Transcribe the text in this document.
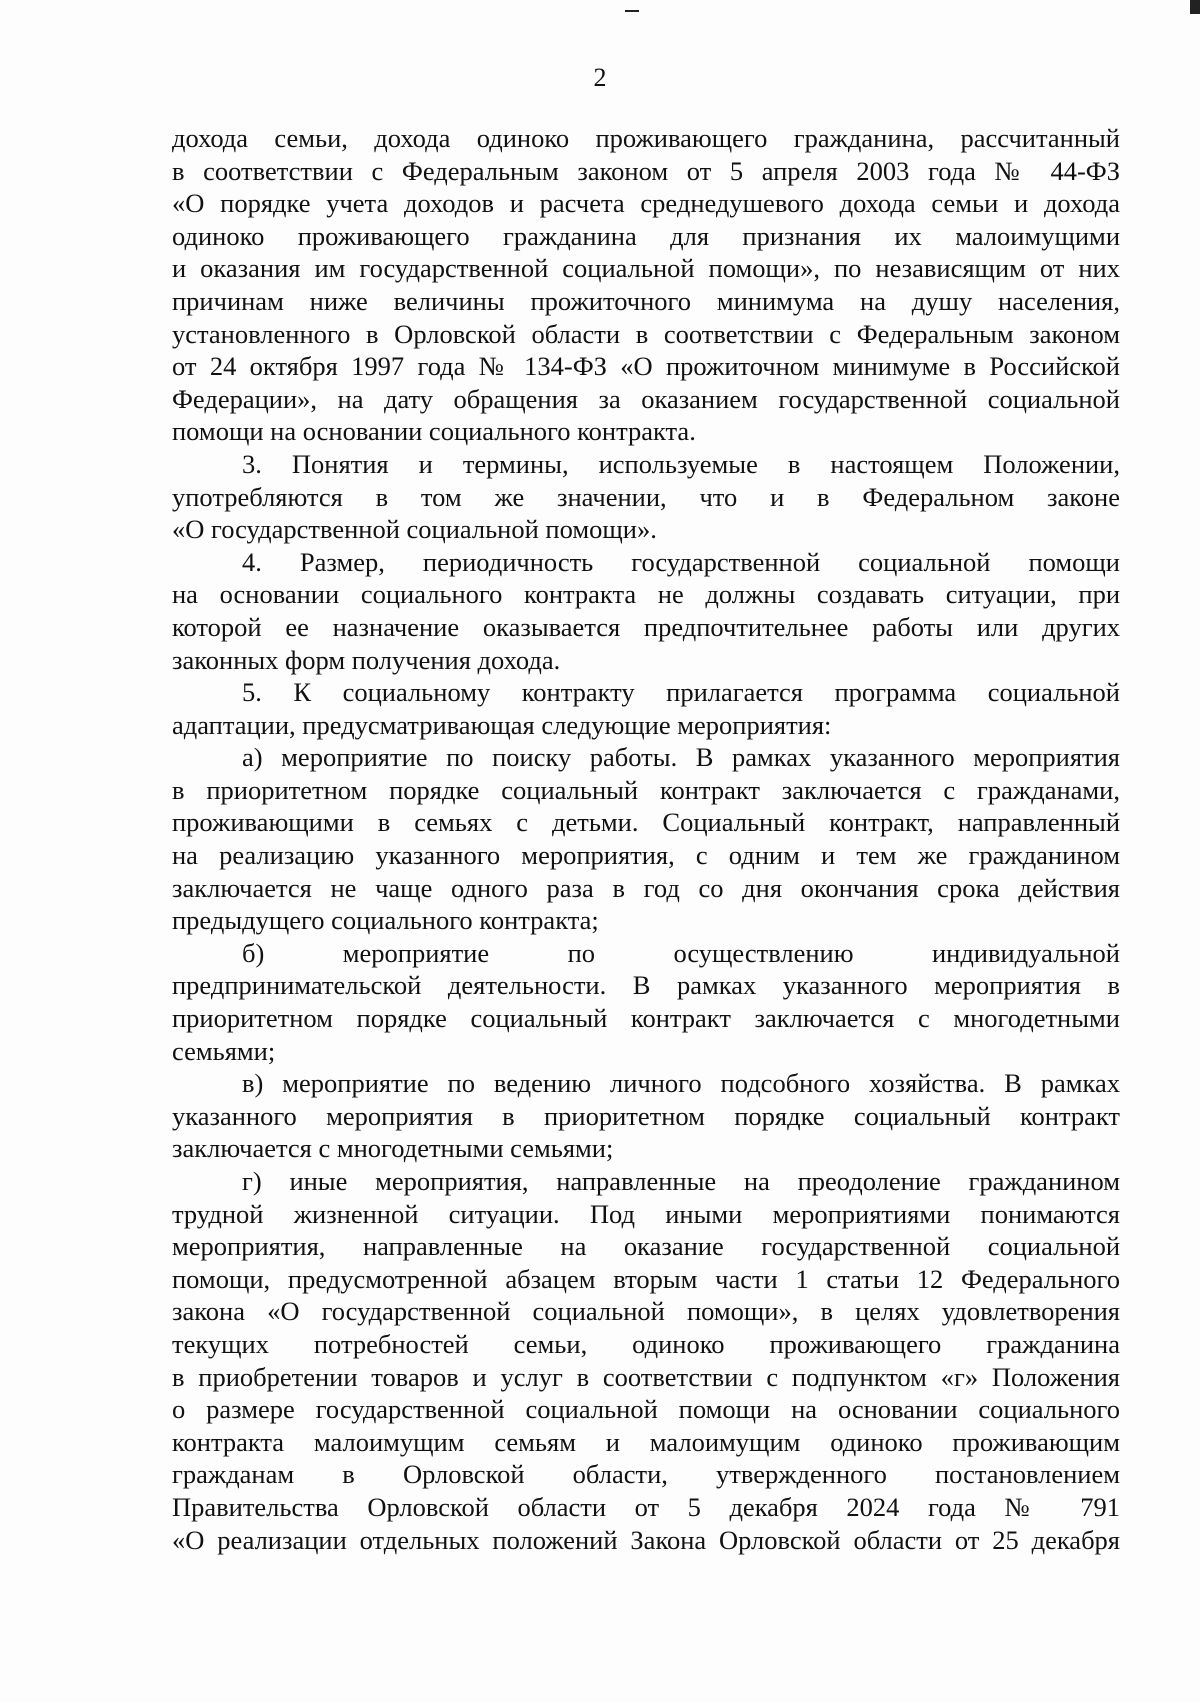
2
дохода семьи, дохода одиноко проживающего гражданина, рассчитанный
в соответствии с Федеральным законом от 5 апреля 2003 года № 44-ФЗ
«О порядке учета доходов и расчета среднедушевого дохода семьи и дохода
одиноко проживающего гражданина для признания их малоимущими
и оказания им государственной социальной помощи», по независящим от них
причинам ниже величины прожиточного минимума на душу населения,
установленного в Орловской области в соответствии с Федеральным законом
от 24 октября 1997 года № 134-ФЗ «О прожиточном минимуме в Российской
Федерации», на дату обращения за оказанием государственной социальной
помощи на основании социального контракта.
3. Понятия и термины, используемые в настоящем Положении,
употребляются в том же значении, что и в Федеральном законе
«О государственной социальной помощи».
4. Размер, периодичность государственной социальной помощи
на основании социального контракта не должны создавать ситуации, при
которой ее назначение оказывается предпочтительнее работы или других
законных форм получения дохода.
5. К социальному контракту прилагается программа социальной
адаптации, предусматривающая следующие мероприятия:
а) мероприятие по поиску работы. В рамках указанного мероприятия
в приоритетном порядке социальный контракт заключается с гражданами,
проживающими в семьях с детьми. Социальный контракт, направленный
на реализацию указанного мероприятия, с одним и тем же гражданином
заключается не чаще одного раза в год со дня окончания срока действия
предыдущего социального контракта;
б) мероприятие по осуществлению индивидуальной
предпринимательской деятельности. В рамках указанного мероприятия в
приоритетном порядке социальный контракт заключается с многодетными
семьями;
в) мероприятие по ведению личного подсобного хозяйства. В рамках
указанного мероприятия в приоритетном порядке социальный контракт
заключается с многодетными семьями;
г) иные мероприятия, направленные на преодоление гражданином
трудной жизненной ситуации. Под иными мероприятиями понимаются
мероприятия, направленные на оказание государственной социальной
помощи, предусмотренной абзацем вторым части 1 статьи 12 Федерального
закона «О государственной социальной помощи», в целях удовлетворения
текущих потребностей семьи, одиноко проживающего гражданина
в приобретении товаров и услуг в соответствии с подпунктом «г» Положения
о размере государственной социальной помощи на основании социального
контракта малоимущим семьям и малоимущим одиноко проживающим
гражданам в Орловской области, утвержденного постановлением
Правительства Орловской области от 5 декабря 2024 года № 791
«О реализации отдельных положений Закона Орловской области от 25 декабря
